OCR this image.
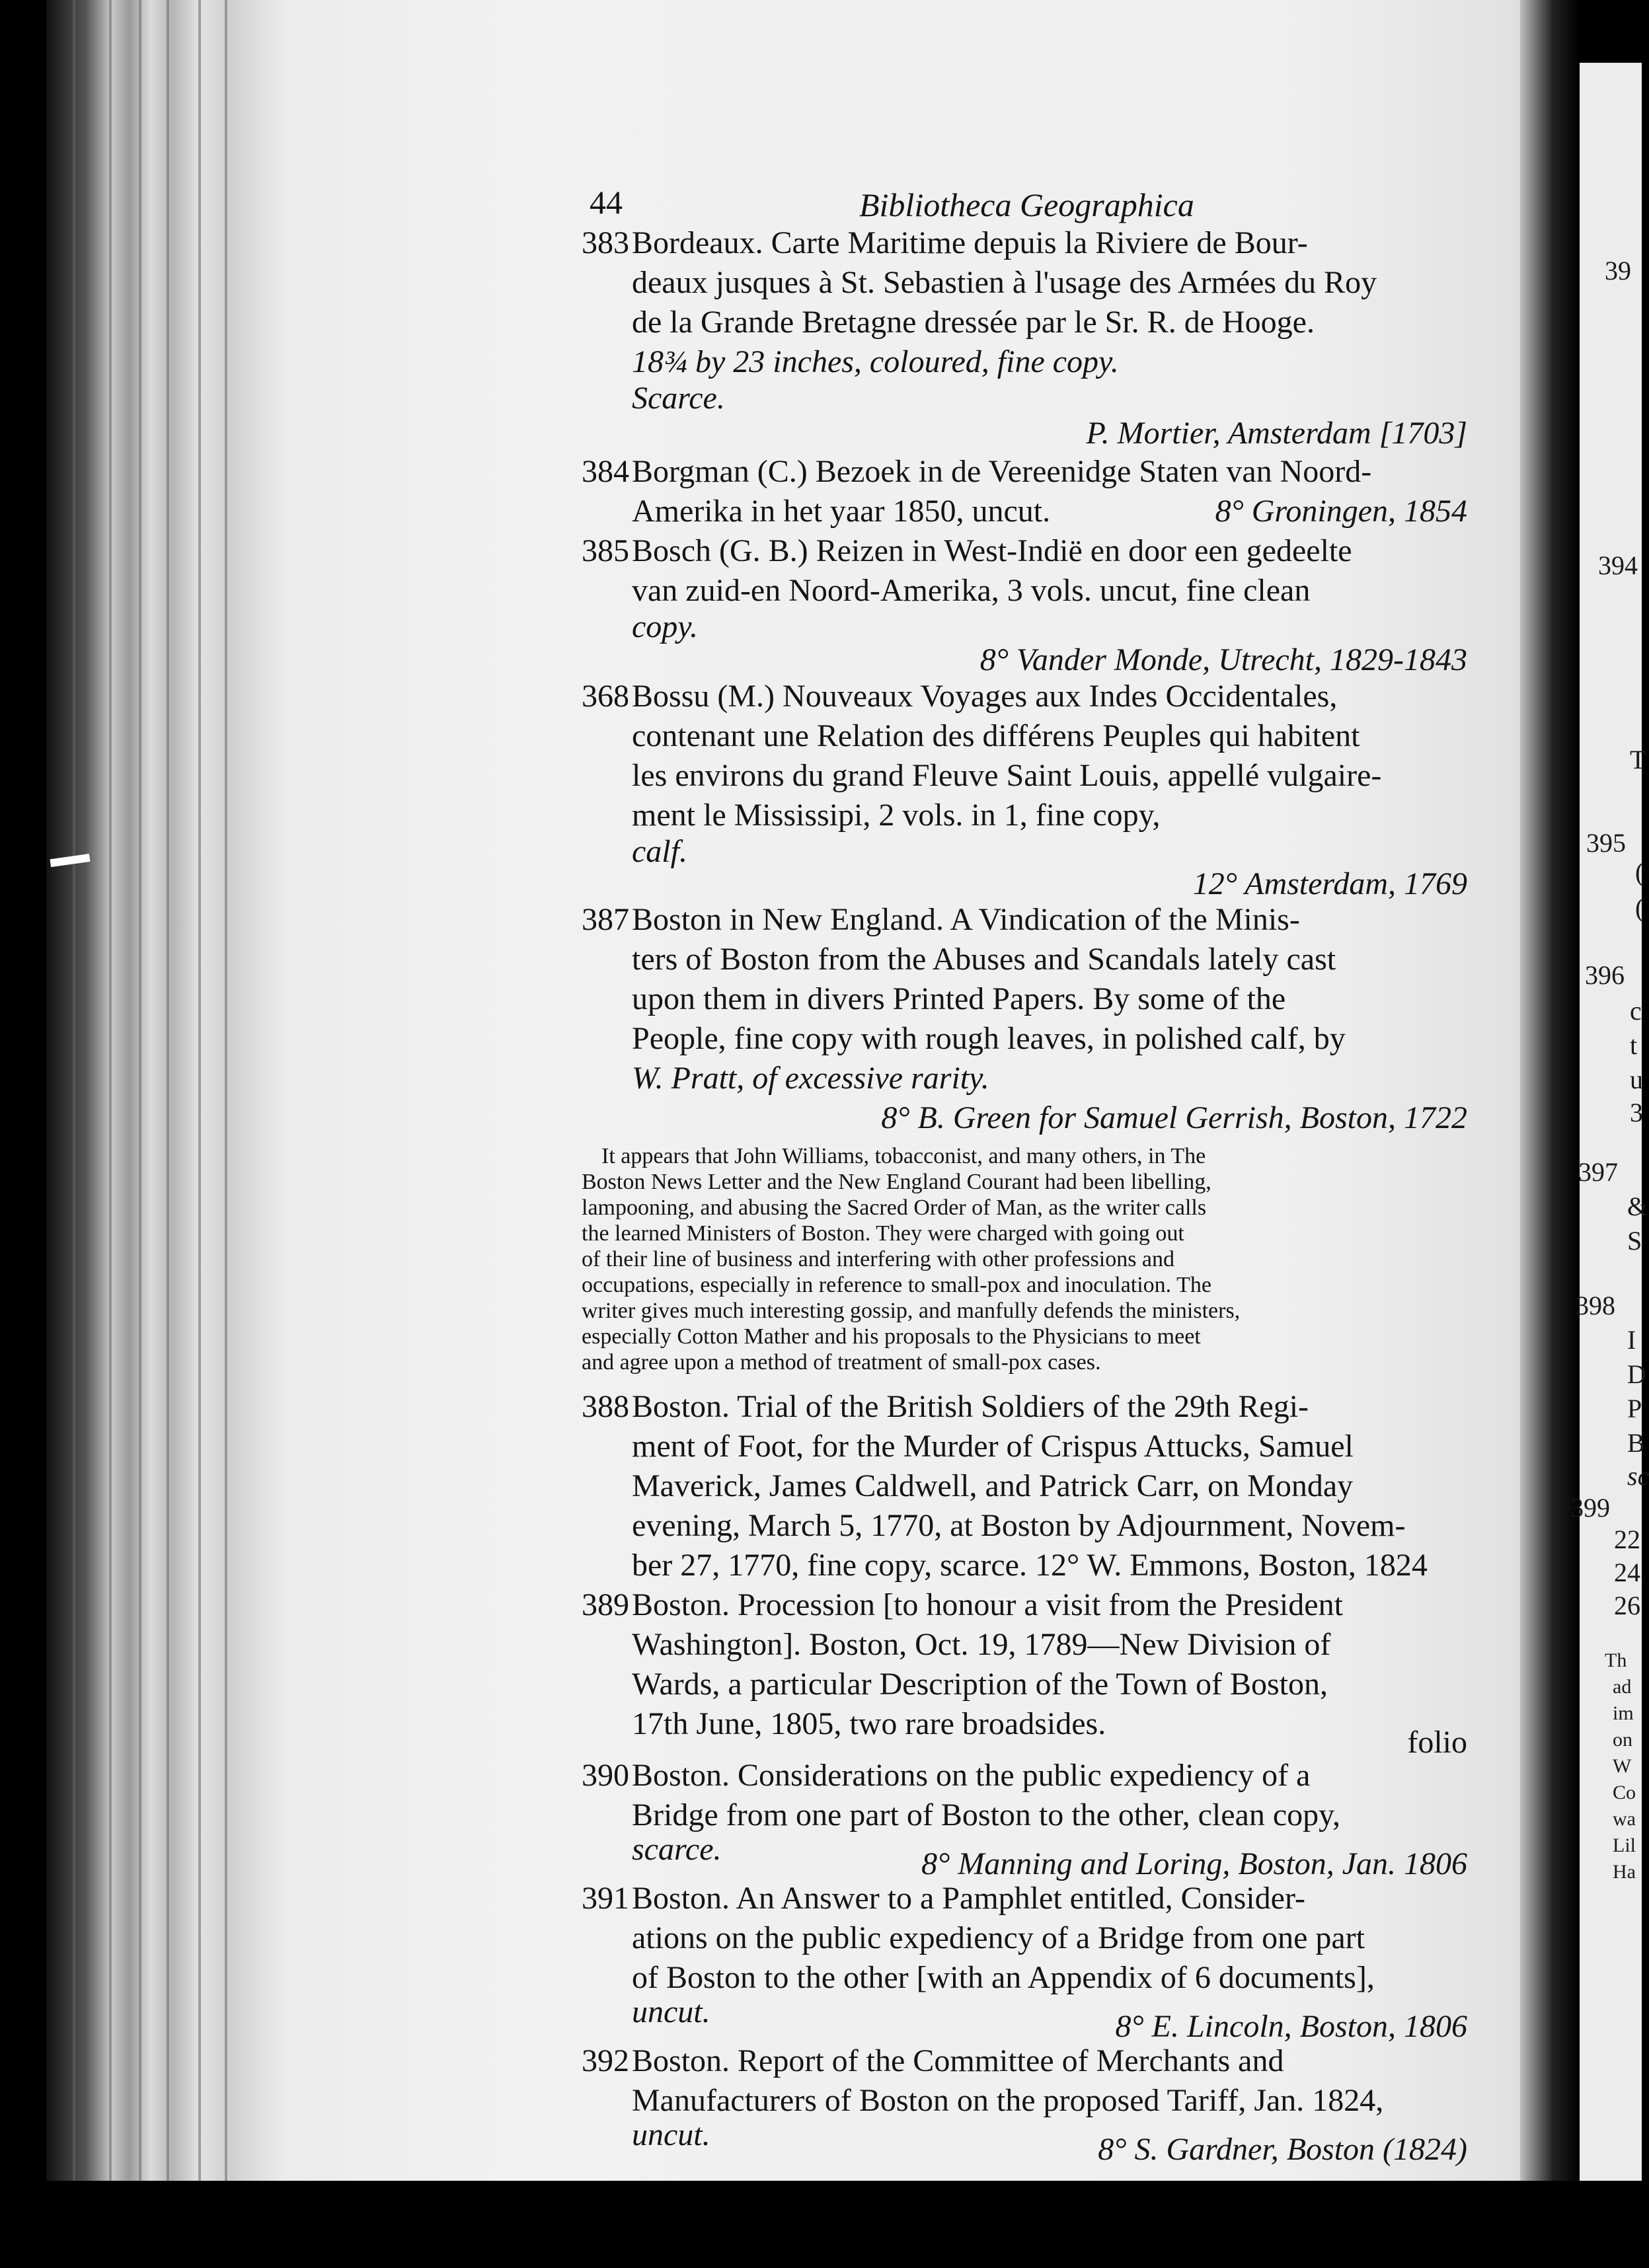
44	Bibliotheca Geographica
383Bordeaux. Carte Maritime depuis la Riviere de Bour-
deaux jusques à St. Sebastien à l'usage des Armées du Roy
de la Grande Bretagne dressée par le Sr. R. de Hooge.
18¾ by 23 inches, coloured, fine copy.
Scarce.
P. Mortier, Amsterdam [1703]
384Borgman (C.) Bezoek in de Vereenidge Staten van Noord-
Amerika in het yaar 1850, uncut.	8° Groningen, 1854
385Bosch (G. B.) Reizen in West-Indië en door een gedeelte
van zuid-en Noord-Amerika, 3 vols. uncut, fine clean
copy.
8° Vander Monde, Utrecht, 1829-1843
368Bossu (M.) Nouveaux Voyages aux Indes Occidentales,
contenant une Relation des différens Peuples qui habitent
les environs du grand Fleuve Saint Louis, appellé vulgaire-
ment le Mississipi, 2 vols. in 1, fine copy,
calf.
12° Amsterdam, 1769
387Boston in New England. A Vindication of the Minis-
ters of Boston from the Abuses and Scandals lately cast
upon them in divers Printed Papers. By some of the
People, fine copy with rough leaves, in polished calf, by
W. Pratt, of excessive rarity.
8° B. Green for Samuel Gerrish, Boston, 1722
It appears that John Williams, tobacconist, and many others, in The
Boston News Letter and the New England Courant had been libelling,
lampooning, and abusing the Sacred Order of Man, as the writer calls
the learned Ministers of Boston. They were charged with going out
of their line of business and interfering with other professions and
occupations, especially in reference to small-pox and inoculation. The
writer gives much interesting gossip, and manfully defends the ministers,
especially Cotton Mather and his proposals to the Physicians to meet
and agree upon a method of treatment of small-pox cases.
388Boston. Trial of the British Soldiers of the 29th Regi-
ment of Foot, for the Murder of Crispus Attucks, Samuel
Maverick, James Caldwell, and Patrick Carr, on Monday
evening, March 5, 1770, at Boston by Adjournment, Novem-
ber 27, 1770, fine copy, scarce. 12° W. Emmons, Boston, 1824
389Boston. Procession [to honour a visit from the President
Washington]. Boston, Oct. 19, 1789—New Division of
Wards, a particular Description of the Town of Boston,
17th June, 1805, two rare broadsides.
folio
390Boston. Considerations on the public expediency of a
Bridge from one part of Boston to the other, clean copy,
scarce.	8° Manning and Loring, Boston, Jan. 1806
391Boston. An Answer to a Pamphlet entitled, Consider-
ations on the public expediency of a Bridge from one part
of Boston to the other [with an Appendix of 6 documents],
uncut.	8° E. Lincoln, Boston, 1806
392Boston. Report of the Committee of Merchants and
Manufacturers of Boston on the proposed Tariff, Jan. 1824,
uncut.	8° S. Gardner, Boston (1824)
39
394
T
395
(
(
396
c
t
u
3
397
&
S
398
I
D
P
B
sc
399
22
24
26
Th
ad
im
on
W
Co
wa
Lil
Ha
